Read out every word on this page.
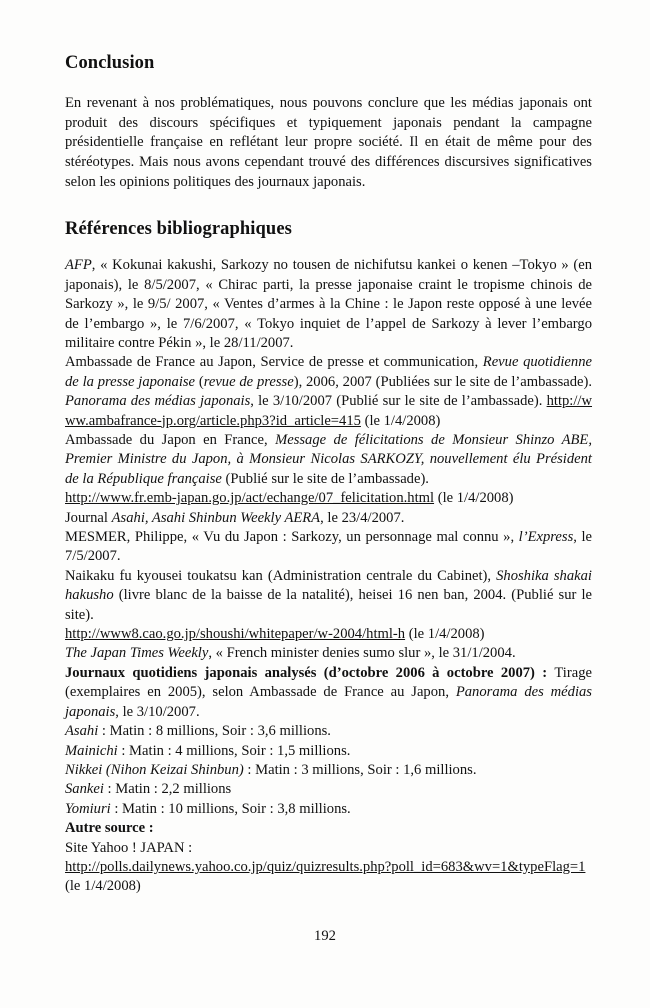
Conclusion

En revenant à nos problématiques, nous pouvons conclure que les médias japonais ont produit des discours spécifiques et typiquement japonais pendant la campagne présidentielle française en reflétant leur propre société. Il en était de même pour des stéréotypes. Mais nous avons cependant trouvé des différences discursives significatives selon les opinions politiques des journaux japonais.

Références bibliographiques

AFP, « Kokunai kakushi, Sarkozy no tousen de nichifutsu kankei o kenen –Tokyo » (en japonais), le 8/5/2007, « Chirac parti, la presse japonaise craint le tropisme chinois de Sarkozy », le 9/5/ 2007, « Ventes d’armes à la Chine : le Japon reste opposé à une levée de l’embargo », le 7/6/2007, « Tokyo inquiet de l’appel de Sarkozy à lever l’embargo militaire contre Pékin », le 28/11/2007.

Ambassade de France au Japon, Service de presse et communication, Revue quotidienne de la presse japonaise (revue de presse), 2006, 2007 (Publiées sur le site de l’ambassade). Panorama des médias japonais, le 3/10/2007 (Publié sur le site de l’ambassade). http://www.ambafrance-jp.org/article.php3?id_article=415 (le 1/4/2008)

Ambassade du Japon en France, Message de félicitations de Monsieur Shinzo ABE, Premier Ministre du Japon, à Monsieur Nicolas SARKOZY, nouvellement élu Président de la République française (Publié sur le site de l’ambassade).

http://www.fr.emb-japan.go.jp/act/echange/07_felicitation.html (le 1/4/2008)

Journal Asahi, Asahi Shinbun Weekly AERA, le 23/4/2007.

MESMER, Philippe, « Vu du Japon : Sarkozy, un personnage mal connu », l’Express, le 7/5/2007.

Naikaku fu kyousei toukatsu kan (Administration centrale du Cabinet), Shoshika shakai hakusho (livre blanc de la baisse de la natalité), heisei 16 nen ban, 2004. (Publié sur le site).

http://www8.cao.go.jp/shoushi/whitepaper/w-2004/html-h (le 1/4/2008)

The Japan Times Weekly, « French minister denies sumo slur », le 31/1/2004.

Journaux quotidiens japonais analysés (d’octobre 2006 à octobre 2007) : Tirage (exemplaires en 2005), selon Ambassade de France au Japon, Panorama des médias japonais, le 3/10/2007.

Asahi : Matin : 8 millions, Soir : 3,6 millions.

Mainichi : Matin : 4 millions, Soir : 1,5 millions.

Nikkei (Nihon Keizai Shinbun) : Matin : 3 millions, Soir : 1,6 millions.

Sankei : Matin : 2,2 millions

Yomiuri : Matin : 10 millions, Soir : 3,8 millions.

Autre source :

Site Yahoo ! JAPAN :

http://polls.dailynews.yahoo.co.jp/quiz/quizresults.php?poll_id=683&wv=1&typeFlag=1 (le 1/4/2008)

192
